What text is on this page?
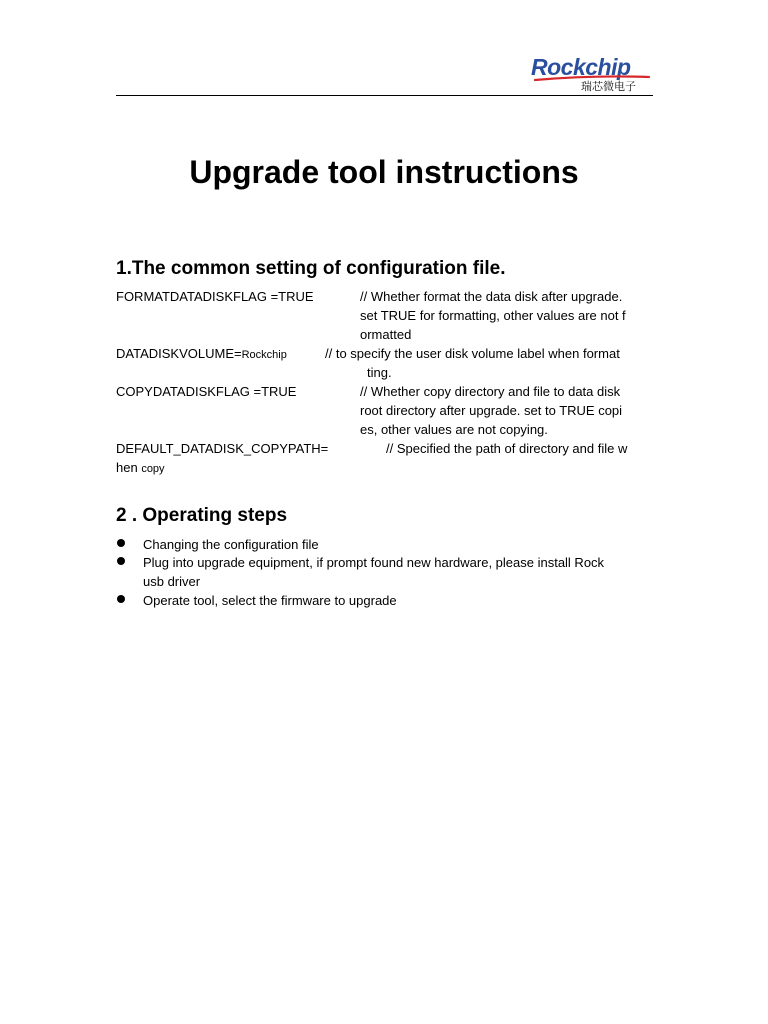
Rockchip
瑞芯微电子
Upgrade tool instructions
1.The common setting of configuration file.
FORMATDATADISKFLAG =TRUE	// Whether format the data disk after upgrade.
set TRUE for formatting, other values are not f
ormatted
DATADISKVOLUME=Rockchip	// to specify the user disk volume label when format
ting.
COPYDATADISKFLAG =TRUE	// Whether copy directory and file to data disk
root directory after upgrade. set to TRUE copi
es, other values are not copying.
DEFAULT_DATADISK_COPYPATH=	// Specified the path of directory and file w
hen copy
2 . Operating steps
Changing the configuration file
Plug into upgrade equipment, if prompt found new hardware, please install Rock
usb driver
Operate tool, select the firmware to upgrade
